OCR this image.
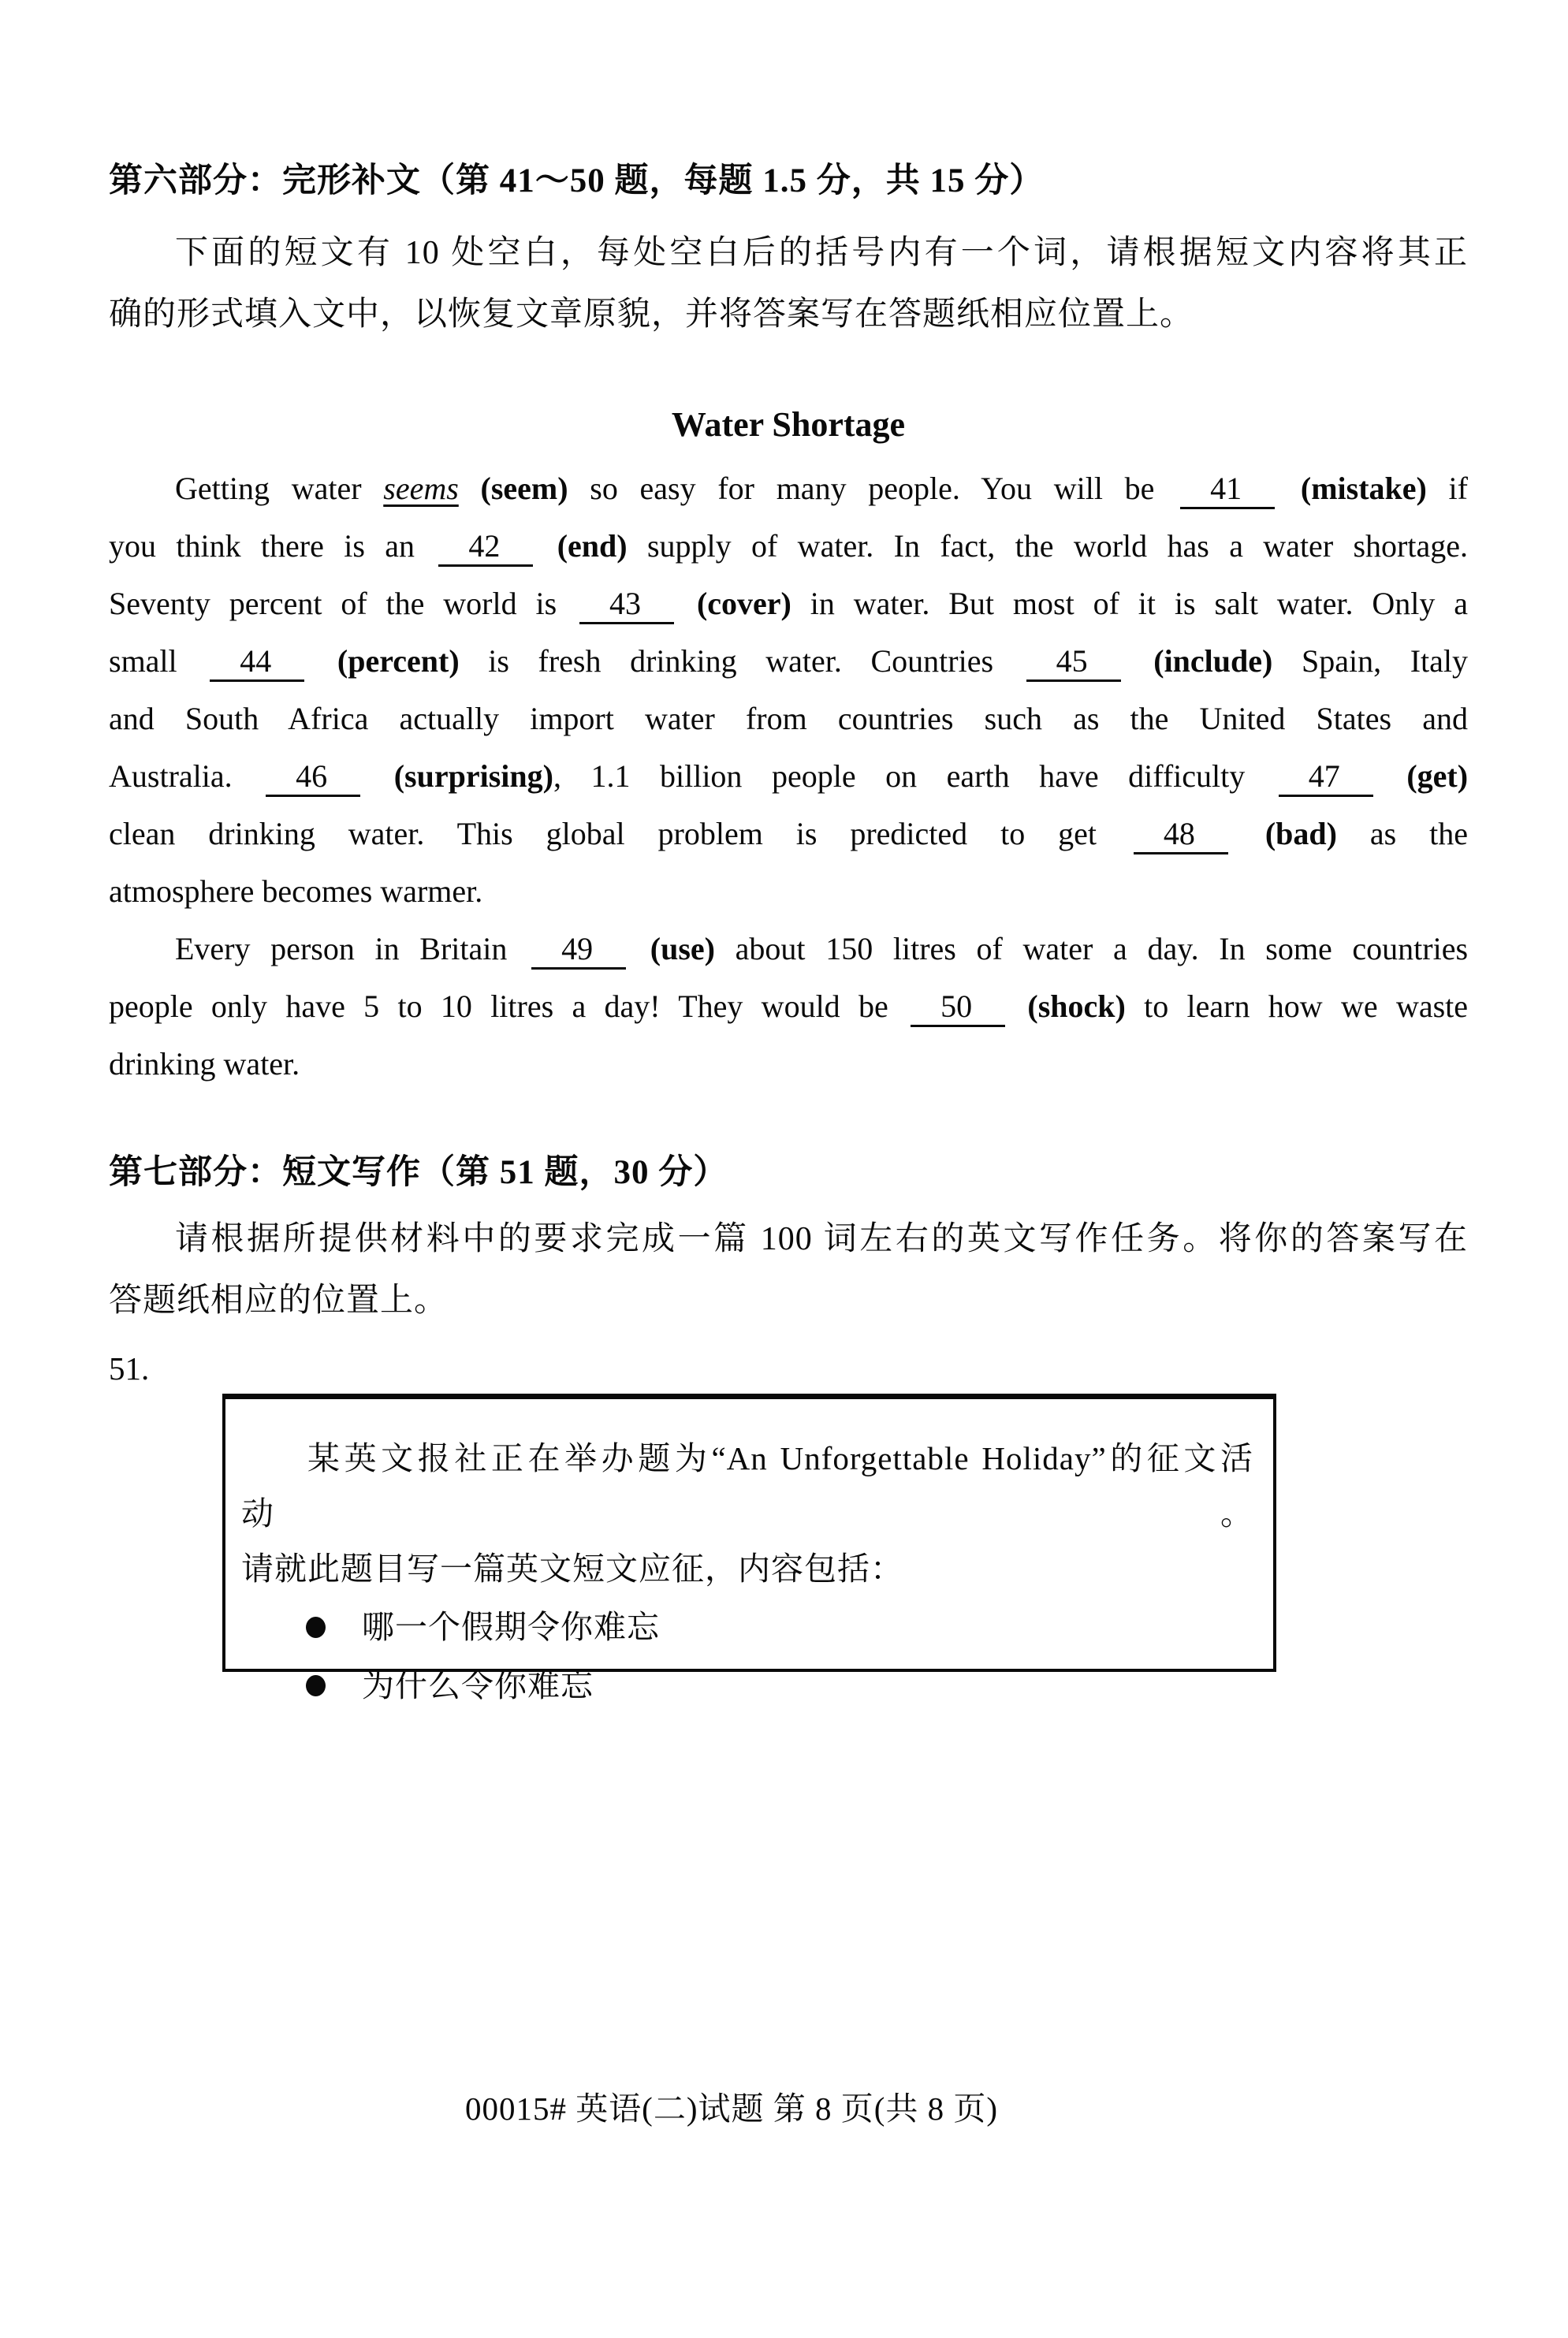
第六部分：完形补文（第 41～50 题，每题 1.5 分，共 15 分）
下面的短文有 10 处空白，每处空白后的括号内有一个词，请根据短文内容将其正
确的形式填入文中，以恢复文章原貌，并将答案写在答题纸相应位置上。
Water Shortage
Getting water seems (seem) so easy for many people. You will be 41 (mistake) if
you think there is an 42 (end) supply of water. In fact, the world has a water shortage.
Seventy percent of the world is 43 (cover) in water. But most of it is salt water. Only a
small 44 (percent) is fresh drinking water. Countries 45 (include) Spain, Italy
and South Africa actually import water from countries such as the United States and
Australia. 46 (surprising), 1.1 billion people on earth have difficulty 47 (get)
clean drinking water. This global problem is predicted to get 48 (bad) as the
atmosphere becomes warmer.
Every person in Britain 49 (use) about 150 litres of water a day. In some countries
people only have 5 to 10 litres a day! They would be 50 (shock) to learn how we waste
drinking water.
第七部分：短文写作（第 51 题，30 分）
请根据所提供材料中的要求完成一篇 100 词左右的英文写作任务。将你的答案写在
答题纸相应的位置上。
51.
某英文报社正在举办题为“An Unforgettable Holiday”的征文活动。
请就此题目写一篇英文短文应征，内容包括：
哪一个假期令你难忘
为什么令你难忘
00015# 英语(二)试题 第 8 页(共 8 页)
